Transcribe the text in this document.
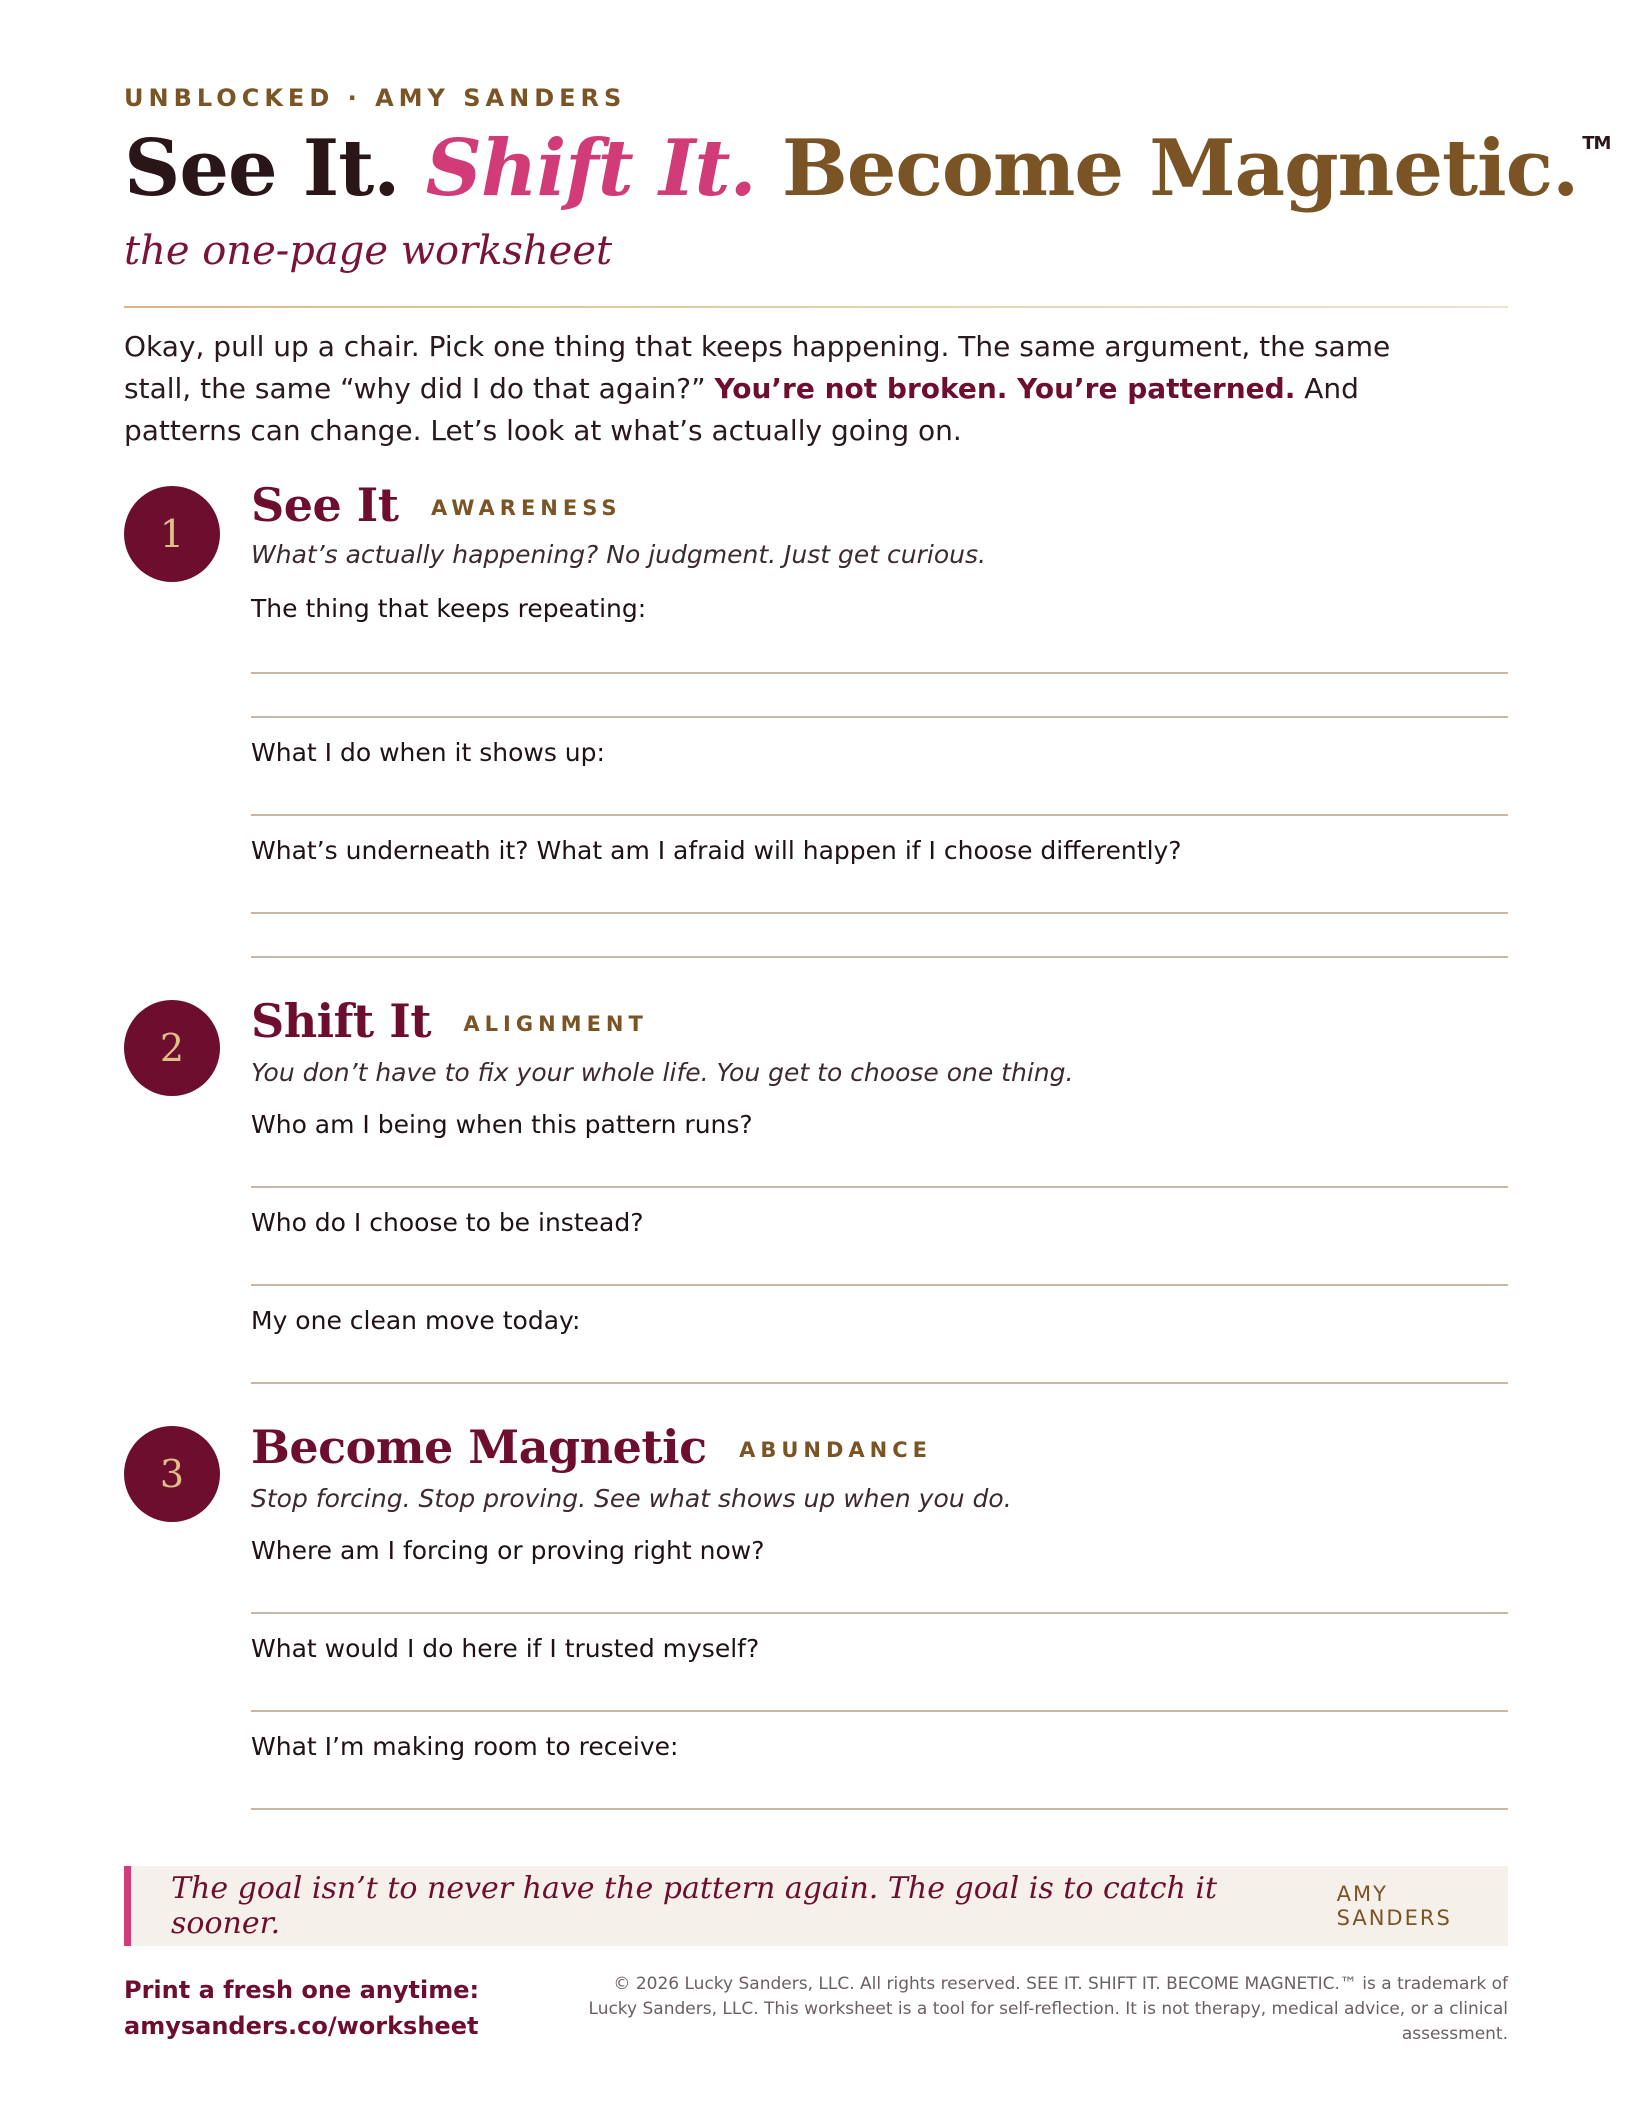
UNBLOCKED · AMY SANDERS
See It. Shift It. Become Magnetic. ™
the one-page worksheet
Okay, pull up a chair. Pick one thing that keeps happening. The same argument, the same stall, the same “why did I do that again?” You’re not broken. You’re patterned. And patterns can change. Let’s look at what’s actually going on.
1
See It AWARENESS
What’s actually happening? No judgment. Just get curious.
The thing that keeps repeating:
What I do when it shows up:
What’s underneath it? What am I afraid will happen if I choose differently?
2	Shift It ALIGNMENT
You don’t have to fix your whole life. You get to choose one thing.
Who am I being when this pattern runs?
Who do I choose to be instead?
My one clean move today:
3	Become Magnetic ABUNDANCE
Stop forcing. Stop proving. See what shows up when you do.
Where am I forcing or proving right now?
What would I do here if I trusted myself?
What I’m making room to receive:
The goal isn’t to never have the pattern again. The goal is to catch it sooner.
AMY SANDERS
Print a fresh one anytime:
amysanders.co/worksheet
© 2026 Lucky Sanders, LLC. All rights reserved. SEE IT. SHIFT IT. BECOME MAGNETIC.™ is a trademark of Lucky Sanders, LLC. This worksheet is a tool for self-reflection. It is not therapy, medical advice, or a clinical assessment.
